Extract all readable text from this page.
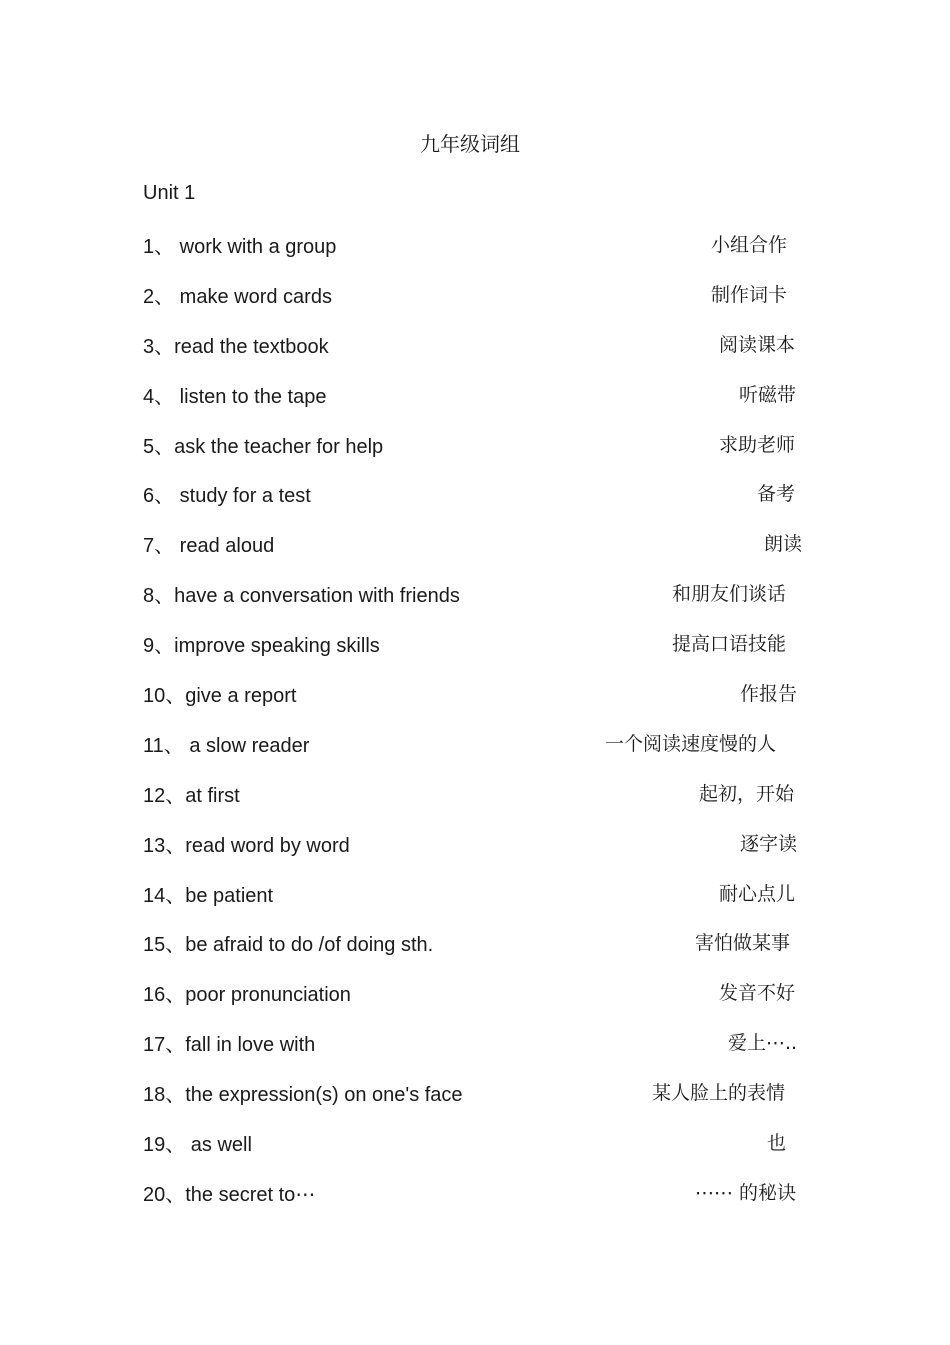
九年级词组
Unit 1
1、 work with a group	小组合作
2、 make word cards	制作词卡
3、read the textbook	阅读课本
4、 listen to the tape	听磁带
5、ask the teacher for help	求助老师
6、 study for a test	备考
7、 read aloud	朗读
8、have a conversation with friends	和朋友们谈话
9、improve speaking skills	提高口语技能
10、give a report	作报告
11、 a slow reader	一个阅读速度慢的人
12、at first	起初，开始
13、read word by word	逐字读
14、be patient	耐心点儿
15、be afraid to do /of doing sth.	害怕做某事
16、poor pronunciation	发音不好
17、fall in love with	爱上⋯..
18、the expression(s) on one's face	某人脸上的表情
19、 as well	也
20、the secret to⋯	⋯⋯ 的秘诀
